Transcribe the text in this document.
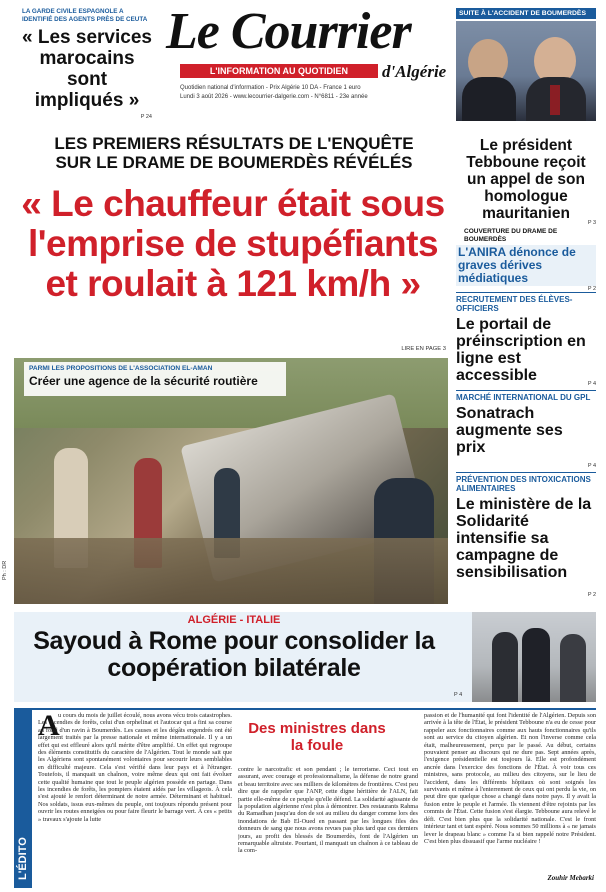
LA GARDE CIVILE ESPAGNOLE A IDENTIFIÉ DES AGENTS PRÈS DE CEUTA
« Les services marocains sont impliqués »
P 24
Le Courrier
L'INFORMATION AU QUOTIDIEN	d'Algérie
Quotidien national d'information - Prix Algérie 10 DA - France 1 euro
Lundi 3 août 2026 - www.lecourrier-dalgerie.com - N°6811 - 23e année
SUITE À L'ACCIDENT DE BOUMERDÈS
Le président Tebboune reçoit un appel de son homologue mauritanien
P 3
COUVERTURE DU DRAME DE BOUMERDÈS
L'ANIRA dénonce de graves dérives médiatiques
P 2
LES PREMIERS RÉSULTATS DE L'ENQUÊTE SUR LE DRAME DE BOUMERDÈS RÉVÉLÉS
« Le chauffeur était sous l'emprise de stupéfiants et roulait à 121 km/h »
LIRE EN PAGE 3
PARMI LES PROPOSITIONS DE L'ASSOCIATION EL-AMAN
Créer une agence de la sécurité routière
Ph : DR
RECRUTEMENT DES ÉLÈVES-OFFICIERS
Le portail de préinscription en ligne est accessible	P 4
MARCHÉ INTERNATIONAL DU GPL
Sonatrach augmente ses prix
P 4
PRÉVENTION DES INTOXICATIONS ALIMENTAIRES
Le ministère de la Solidarité intensifie sa campagne de sensibilisation
P 2
ALGÉRIE - ITALIE
Sayoud à Rome pour consolider la coopération bilatérale
P 4
L'ÉDITO
A
u cours du mois de juillet écoulé, nous avons vécu trois catastrophes. Les incendies de forêts, celui d'un orphelinat et l'autocar qui a fini sa course au fond d'un ravin à Boumerdès. Les causes et les dégâts engendrés ont été largement traités par la presse nationale et même internationale. Il y a un effet qui est effleuré alors qu'il mérite d'être amplifié. Un effet qui regroupe des éléments constitutifs du caractère de l'Algérien. Tout le monde sait que les Algériens sont spontanément volontaires pour secourir leurs semblables en difficulté majeure. Cela s'est vérifié dans leur pays et à l'étranger. Toutefois, il manquait un chaînon, voire même deux qui ont fait évoluer cette qualité humaine que tout le peuple algérien possède en partage. Dans les incendies de forêts, les pompiers étaient aidés par les villageois. À cela s'est ajouté le renfort déterminant de notre armée. Déterminant et habituel. Nos soldats, issus eux-mêmes du peuple, ont toujours répondu présent pour ouvrir les routes enneigées ou pour faire fleurir le barrage vert. À ces « petits » travaux s'ajoute la lutte
Des ministres dans la foule
contre le narcotrafic et son pendant ; le terrorisme. Ceci tout en assurant, avec courage et professionnalisme, la défense de notre grand et beau territoire avec ses milliers de kilomètres de frontières. C'est peu dire que de rappeler que l'ANP, cette digne héritière de l'ALN, fait partie elle-même de ce peuple qu'elle défend. La solidarité agissante de la population algérienne n'est plus à démontrer. Des restaurants Rahma du Ramadhan jusqu'au don de soi au milieu du danger comme lors des inondations de Bab El-Oued en passant par les longues files des donneurs de sang que nous avons revues pas plus tard que ces derniers jours, au profit des blessés de Boumerdès, font de l'Algérien un remarquable altruiste. Pourtant, il manquait un chaînon à ce tableau de la com-
passion et de l'humanité qui font l'identité de l'Algérien. Depuis son arrivée à la tête de l'État, le président Tebboune n'a eu de cesse pour rappeler aux fonctionnaires comme aux hauts fonctionnaires qu'ils sont au service du citoyen algérien. Et non l'inverse comme cela était, malheureusement, perçu par le passé. Au début, certains pouvaient penser au discours qui ne dure pas. Sept années après, l'exigence présidentielle est toujours là. Elle est profondément ancrée dans l'exercice des fonctions de l'État. À voir tous ces ministres, sans protocole, au milieu des citoyens, sur le lieu de l'accident, dans les différents hôpitaux où sont soignés les survivants et même à l'enterrement de ceux qui ont perdu la vie, on peut dire que quelque chose a changé dans notre pays. Il y avait la fusion entre le peuple et l'armée. Ils viennent d'être rejoints par les commis de l'État. Cette fusion s'est élargie. Tebboune aura relevé le défi. C'est bien plus que la solidarité nationale. C'est le front intérieur tant et tant espéré. Nous sommes 50 millions à « ne jamais lever le drapeau blanc » comme l'a si bien rappelé notre Président. C'est bien plus dissuasif que l'arme nucléaire !
Zouhir Mebarki
